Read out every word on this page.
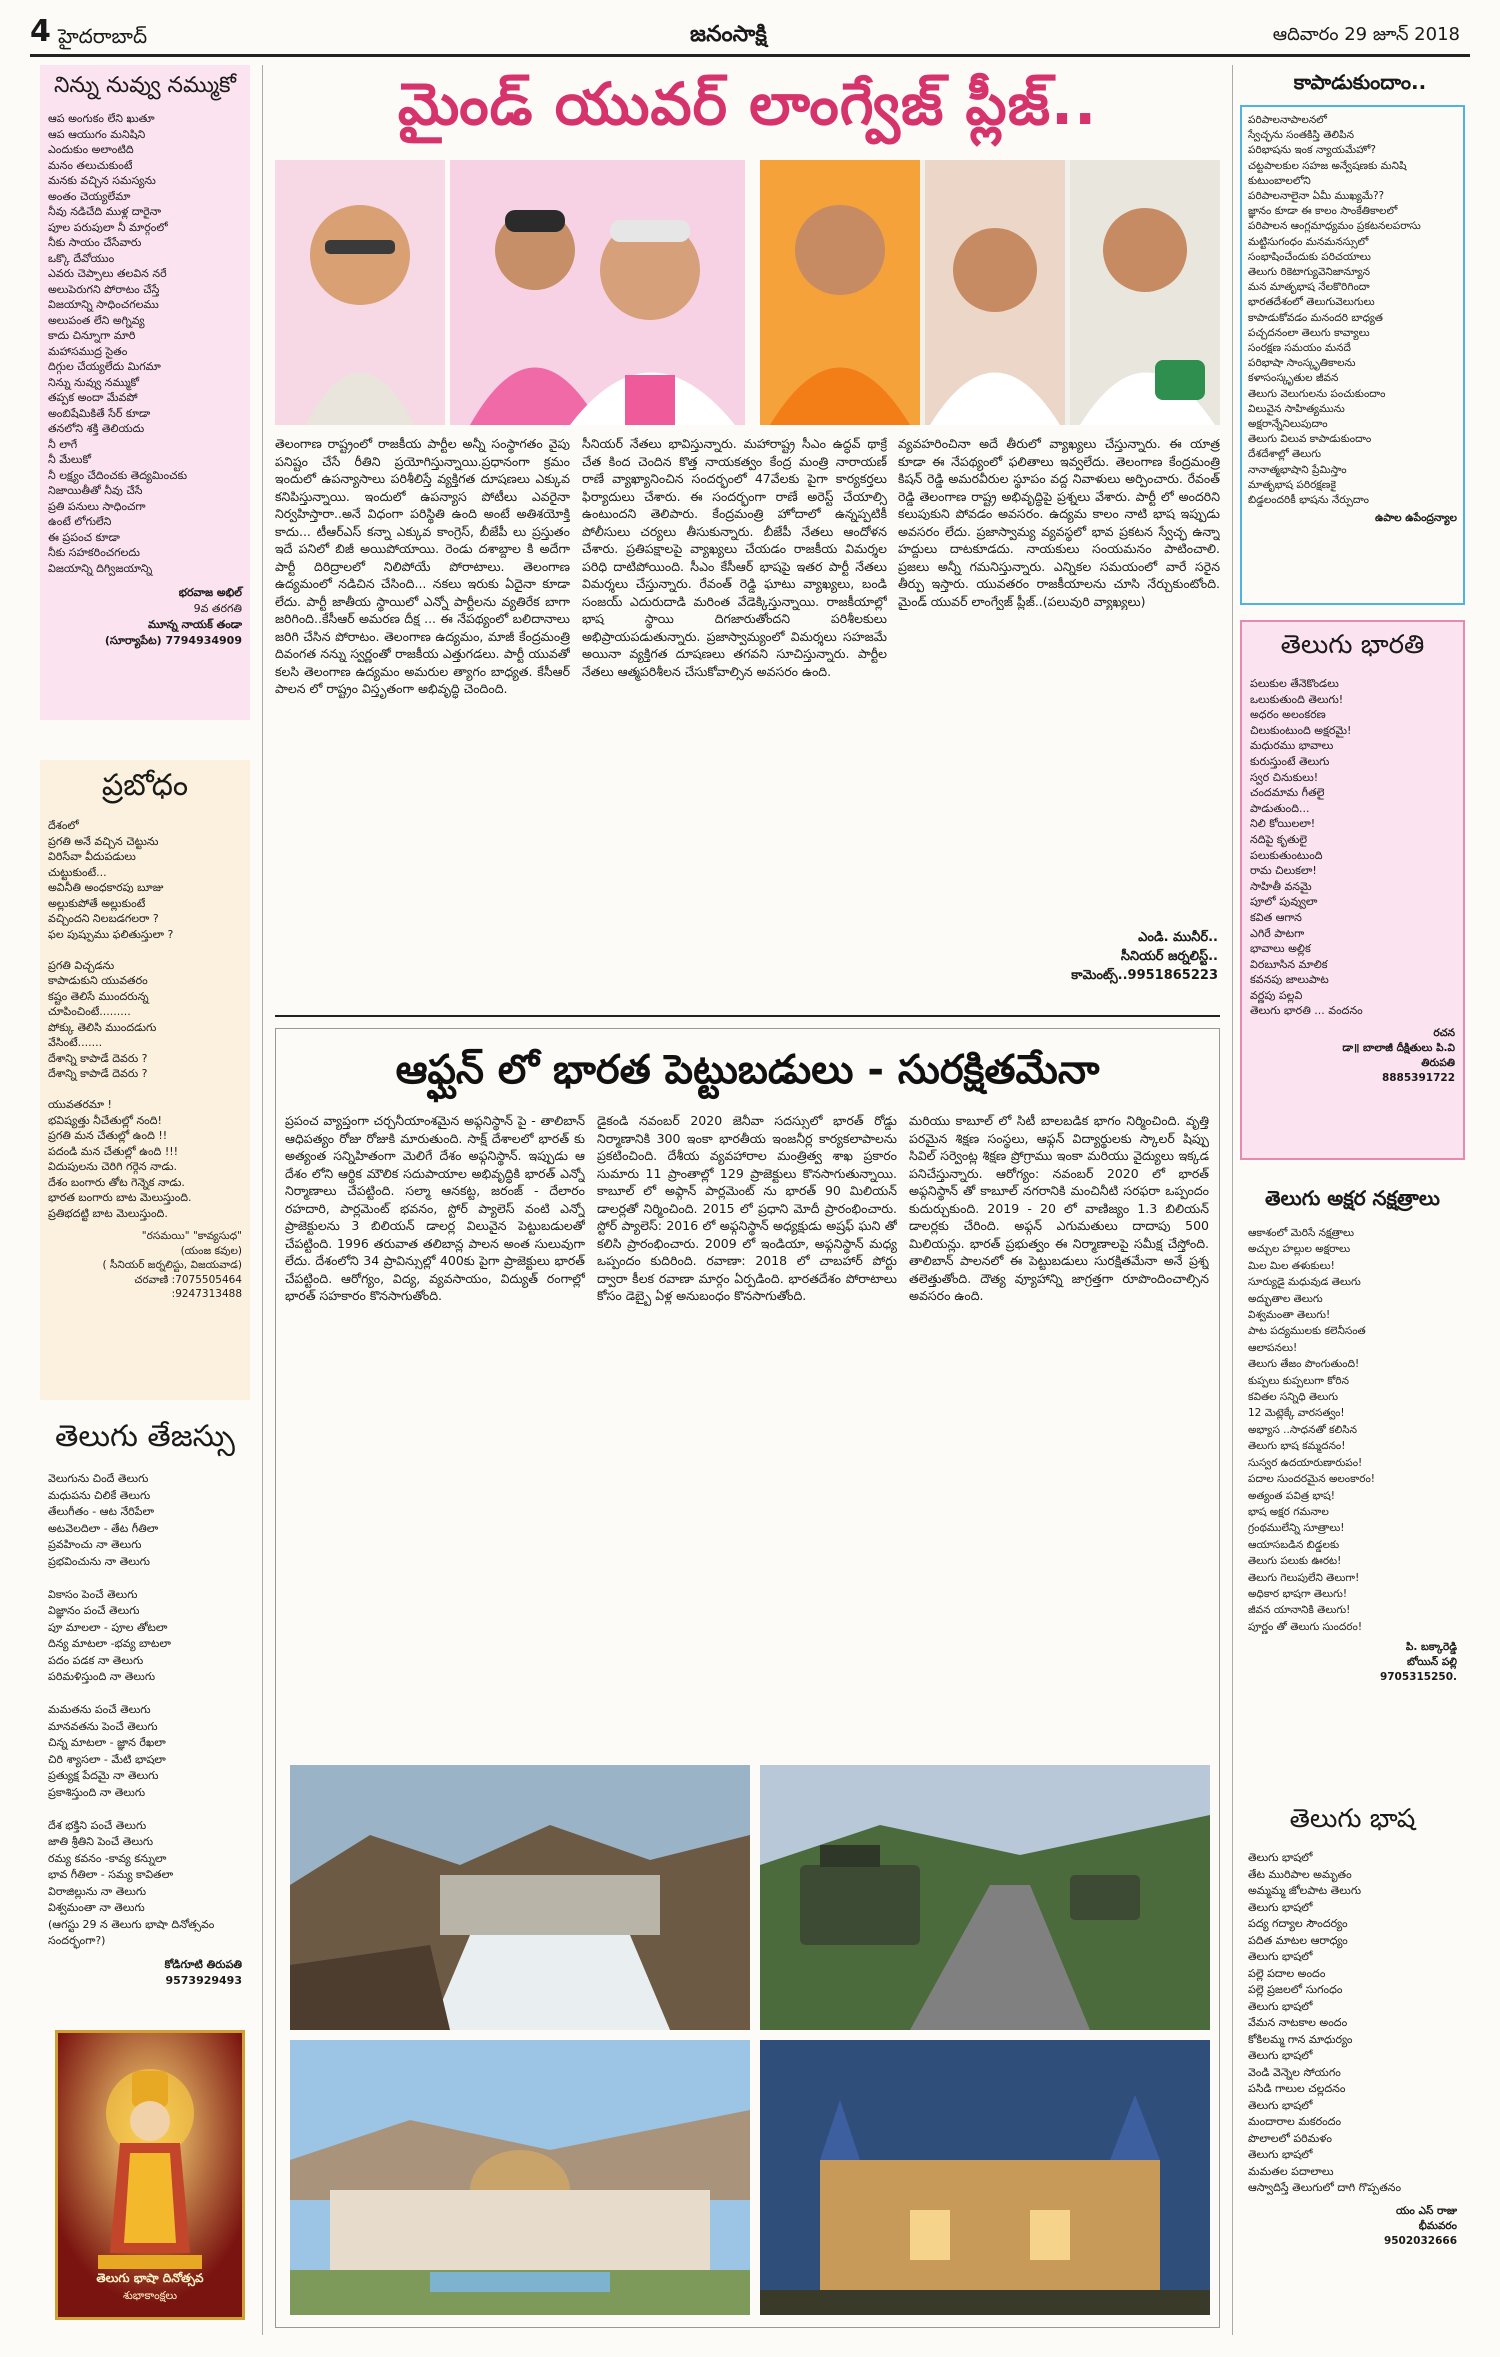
4 హైదరాబాద్	జనంసాక్షి	ఆదివారం 29 జూన్ 2018
నిన్ను నువ్వు నమ్ముకో
ఆప అంగుకం లేని ఖుతూ
ఆప ఆయుగం మనిషిని
ఎందుకుం అలాంటిది
మనం తలుచుకుంటే
మనకు వచ్చిన సమస్యను
అంతం చెయ్యలేమా
నీవు నడిచేది ముళ్ల దారైనా
పూల పరుపులా నీ మార్గంలో
నీకు సాయం చేసేవారు
ఒక్కొ దేవోయుం
ఎవరు చెప్పాలు తలవిన నరే
అలుపెరుగని పోరాటం చేస్తే
విజయాన్ని సాధించగలము
అలుపంత లేని అగ్నివ్య
కాదు చిన్నూగా మారి
మహాసముద్ర సైతం
దిగ్గుల చేయ్యలేదు మిగమా
నిన్ను నువ్వు నమ్ముకో
తప్పక అందా మేవపో
అంబిషేమికితే సేర్ కూడా
తనలోని శక్తి తెలియదు
నీ లాగే
నీ మేలుకో
నీ లక్ష్యం చేదించకు తెద్యమించకు
నిజాయితీతో నీవు చేసే
ప్రతి పనులు సాధించగా
ఉంటే లోగులేని
ఈ ప్రపంచ కూడా
నీకు సహకరించగలదు
విజయాన్ని దిగ్విజయాన్ని
భరవాజ అభిల్
9వ తరగతి
మూన్న నాయక్ తండా
(సూర్యాపేట) 7794934909
ప్రబోధం
దేశంలో
ప్రగతి అనే వచ్చిన చెట్టును
విరిసేవా వీదుపడులు
చుట్టుకుంటే...
అవినీతి అంధకారపు బూజు
అల్లుకుపోతే అల్లుకుంటే
వచ్చిందని నిలబడగలరా ?
ఫల పుష్పుము ఫలితుస్తులా ?

ప్రగతి విచ్చడను
కాపాడుకుని యువతరం
కష్టం తెలిసే ముందరున్న
చూపించింటే.........
పోక్కు తెలిసి ముందడుగు
వేసింటే.......
దేశాన్ని కాపాడే దెవరు ?
దేశాన్ని కాపాడే దెవరు ?

యువతరమా !
భవిష్యత్తు నీచేతుల్లో నంది!
ప్రగతి మన చేతుల్లో ఉంది !!
పదండి మన చేతుల్లో ఉంది !!!
విదుపులను చెరిగి గర్గెన నాడు.
దేశం బంగారు తోట గెన్నెక నాడు.
భారత బంగారు బాట మెలుస్తుంది.
ప్రతిభదట్టి బాట మెలుస్తుంది.
"రసమయి" "కావ్యసుధ"
(యంజ కవుల)
( సీనియర్ జర్నలిస్టు, విజయవాడ)
చరవాణి :7075505464
:9247313488
తెలుగు తేజస్సు
వెలుగును చిందే తెలుగు
మధుపను చిలికే తెలుగు
తేలుగీతం - ఆట నేరిపేలా
అటవెలదిలా - తేట గీతిలా
ప్రవహించు నా తెలుగు
ప్రభవించును నా తెలుగు

వికాసం పెంచే తెలుగు
విజ్ఞానం పంచే తెలుగు
పూ మాలలా - పూల తోటలా
దిన్య మాటలా -భవ్య బాటలా
పదం పడక నా తెలుగు
పరిమళిస్తుంది నా తెలుగు

మమతను పంచే తెలుగు
మానవతను పెంచే తెలుగు
చిన్న మాటలా - జ్ఞాన రేఖలా
చిరి శ్యాసలా - మేటి భాషలా
ప్రత్యుక్ష పేదమై నా తెలుగు
ప్రకాశిస్తుంది నా తెలుగు

దేశ భక్తిని పంచే తెలుగు
జాతి శ్రీతిని పెంచే తెలుగు
రమ్య కవనం -కావ్య కన్నులా
భావ గీతిలా - సమ్య కావితలా
విరాజిల్లును నా తెలుగు
విశ్వమంతా నా తెలుగు
(ఆగస్టు 29 న తెలుగు భాషా దినోత్సవం సందర్భంగా?)
కోడిగూటి తిరుపతి
9573929493
తెలుగు భాషా దినోత్సవ
శుభాకాంక్షలు
మైండ్ యువర్ లాంగ్వేజ్ ప్లీజ్..

తెలంగాణ రాష్ట్రంలో రాజకీయ పార్టీల అన్నీ సంస్థాగతం వైపు పనిష్టం చేసే రీతిని ప్రయోగిస్తున్నాయి.ప్రధానంగా క్రమం ఇందులో ఉపన్యాసాలు పరిశీలిస్తే వ్యక్తిగత దూషణలు ఎక్కువ కనిపిస్తున్నాయి. ఇందులో ఉపన్యాస పోటీలు ఎవరైనా నిర్వహిస్తారా..అనే విధంగా పరిస్థితి ఉంది అంటే అతిశయోక్తి కాదు... టీఆర్ఎస్ కన్నా ఎక్కువ కాంగ్రెస్, బీజేపీ లు ప్రస్తుతం ఇదే పనిలో బిజీ అయిపోయాయి. రెండు దశాబ్దాల కి అదేగా పార్టీ దిరిద్రాలలో నిలిపోయే పోరాటాలు. తెలంగాణ ఉద్యమంలో నడిచిన చేసింది... నకలు ఇరుకు ఏదైనా కూడా లేదు. పార్టీ జాతీయ స్థాయిలో ఎన్నో పార్టీలను వ్యతిరేక బాగా జరిగింది..కేసీఆర్ అమరణ దీక్ష ... ఈ నేపథ్యంలో బలిదానాలు జరిగి చేసిన పోరాటం. తెలంగాణ ఉద్యమం, మాజీ కేంద్రమంత్రి దివంగత నన్ను స్వర్ణంతో రాజకీయ ఎత్తుగడలు. పార్టీ యువతో కలసి తెలంగాణ ఉద్యమం అమరుల త్యాగం బాధ్యత. కేసీఆర్ పాలన లో రాష్ట్రం విస్తృతంగా అభివృద్ధి చెందింది.

సీనియర్ నేతలు భావిస్తున్నారు. మహారాష్ట్ర సీఎం ఉద్ధవ్ థాక్రే చేత కింద చెందిన కొత్త నాయకత్వం కేంద్ర మంత్రి నారాయణ్ రాణే వ్యాఖ్యానించిన సందర్భంలో 47వేలకు పైగా కార్యకర్తలు ఫిర్యాదులు చేశారు. ఈ సందర్భంగా రాణే అరెస్ట్ చేయాల్సి ఉంటుందని తెలిపారు. కేంద్రమంత్రి హోదాలో ఉన్నప్పటికీ పోలీసులు చర్యలు తీసుకున్నారు. బీజేపీ నేతలు ఆందోళన చేశారు. ప్రతిపక్షాలపై వ్యాఖ్యలు చేయడం రాజకీయ విమర్శల పరిధి దాటిపోయింది. సీఎం కేసీఆర్ భాషపై ఇతర పార్టీ నేతలు విమర్శలు చేస్తున్నారు. రేవంత్ రెడ్డి ఘాటు వ్యాఖ్యలు, బండి సంజయ్ ఎదురుదాడి మరింత వేడెక్కిస్తున్నాయి. రాజకీయాల్లో భాష స్థాయి దిగజారుతోందని పరిశీలకులు అభిప్రాయపడుతున్నారు. ప్రజాస్వామ్యంలో విమర్శలు సహజమే అయినా వ్యక్తిగత దూషణలు తగవని సూచిస్తున్నారు. పార్టీల నేతలు ఆత్మపరిశీలన చేసుకోవాల్సిన అవసరం ఉంది.

వ్యవహరించినా అదే తీరులో వ్యాఖ్యలు చేస్తున్నారు. ఈ యాత్ర కూడా ఈ నేపథ్యంలో ఫలితాలు ఇవ్వలేదు. తెలంగాణ కేంద్రమంత్రి కిషన్ రెడ్డి అమరవీరుల స్థూపం వద్ద నివాళులు అర్పించారు. రేవంత్ రెడ్డి తెలంగాణ రాష్ట్ర అభివృద్ధిపై ప్రశ్నలు వేశారు. పార్టీ లో అందరిని కలుపుకుని పోవడం అవసరం. ఉద్యమ కాలం నాటి భాష ఇప్పుడు అవసరం లేదు. ప్రజాస్వామ్య వ్యవస్థలో భావ ప్రకటన స్వేచ్ఛ ఉన్నా హద్దులు దాటకూడదు. నాయకులు సంయమనం పాటించాలి. ప్రజలు అన్నీ గమనిస్తున్నారు. ఎన్నికల సమయంలో వారే సరైన తీర్పు ఇస్తారు. యువతరం రాజకీయాలను చూసి నేర్చుకుంటోంది. మైండ్ యువర్ లాంగ్వేజ్ ప్లీజ్..(పలువురి వ్యాఖ్యలు)

ఎండి. మునీర్..
సీనియర్ జర్నలిస్ట్..
కామెంట్స్..9951865223
ఆఫ్ఘన్ లో భారత పెట్టుబడులు - సురక్షితమేనా

ప్రపంచ వ్యాప్తంగా చర్చనీయాంశమైన అఫ్గనిస్థాన్ పై - తాలిబాన్ ఆధిపత్యం రోజు రోజుకి మారుతుంది. సాక్ష్ దేశాలలో భారత్ కు అత్యంత సన్నిహితంగా మెలిగే దేశం అఫ్గనిస్థాన్. ఇప్పుడు ఆ దేశం లోని ఆర్థిక మౌలిక సదుపాయాల అభివృద్ధికి భారత్ ఎన్నో నిర్మాణాలు చేపట్టింది. సల్మా ఆనకట్ట, జరంజ్ - దేలారం రహదారి, పార్లమెంట్ భవనం, స్టోర్ ప్యాలెస్ వంటి ఎన్నో ప్రాజెక్టులను 3 బిలియన్ డాలర్ల విలువైన పెట్టుబడులతో చేపట్టింది. 1996 తరువాత తలిబాన్ల పాలన అంత సులువుగా లేదు. దేశంలోని 34 ప్రావిన్సుల్లో 400కు పైగా ప్రాజెక్టులు భారత్ చేపట్టింది. ఆరోగ్యం, విద్య, వ్యవసాయం, విద్యుత్ రంగాల్లో భారత్ సహకారం కొనసాగుతోంది.

డైకండి నవంబర్ 2020 జెనీవా సదస్సులో భారత్ రోడ్డు నిర్మాణానికి 300 ఇంకా భారతీయ ఇంజనీర్ల కార్యకలాపాలను ప్రకటించింది. దేశీయ వ్యవహారాల మంత్రిత్వ శాఖ ప్రకారం సుమారు 11 ప్రాంతాల్లో 129 ప్రాజెక్టులు కొనసాగుతున్నాయి. కాబూల్ లో అఫ్గాన్ పార్లమెంట్ ను భారత్ 90 మిలియన్ డాలర్లతో నిర్మించింది. 2015 లో ప్రధాని మోదీ ప్రారంభించారు. స్టోర్ ప్యాలెస్: 2016 లో అఫ్గనిస్థాన్ అధ్యక్షుడు అష్రఫ్ ఘని తో కలిసి ప్రారంభించారు. 2009 లో ఇండియా, అఫ్గనిస్థాన్ మధ్య ఒప్పందం కుదిరింది. రవాణా: 2018 లో చాబహార్ పోర్టు ద్వారా కీలక రవాణా మార్గం ఏర్పడింది. భారతదేశం పోరాటాలు కోసం డెబ్బై ఏళ్ల అనుబంధం కొనసాగుతోంది.

మరియు కాబూల్ లో సిటీ బాలబడిక భాగం నిర్మించింది. వృత్తి పరమైన శిక్షణ సంస్థలు, ఆఫ్గన్ విద్యార్థులకు స్కాలర్ షిప్పు సివిల్ సర్వెంట్ల శిక్షణ ప్రోగ్రాము ఇంకా మరియు వైద్యులు ఇక్కడ పనిచేస్తున్నారు. ఆరోగ్యం: నవంబర్ 2020 లో భారత్ అఫ్గనిస్థాన్ తో కాబూల్ నగరానికి మంచినీటి సరఫరా ఒప్పందం కుదుర్చుకుంది. 2019 - 20 లో వాణిజ్యం 1.3 బిలియన్ డాలర్లకు చేరింది. అఫ్గన్ ఎగుమతులు దాదాపు 500 మిలియన్లు. భారత్ ప్రభుత్వం ఈ నిర్మాణాలపై సమీక్ష చేస్తోంది. తాలిబాన్ పాలనలో ఈ పెట్టుబడులు సురక్షితమేనా అనే ప్రశ్న తలెత్తుతోంది. దౌత్య వ్యూహాన్ని జాగ్రత్తగా రూపొందించాల్సిన అవసరం ఉంది.

పరిపాలనాపాలనలో
స్వేచ్ఛను సంతకిస్తి తెలిపిన
పరిభాషను ఇంక న్యాయమేహో?
చట్టపాలకుల సహజ అన్వేషణకు మనిషి
కుటుంబాలలోని
పరిపాలనాలైనా ఏమీ ముఖ్యమే??
జ్ఞానం కూడా ఈ కాలం సాంకేతికాలలో
పరిపాలన ఆంగ్లమాధ్యమం ప్రకటనలపరాసు
మట్టిసుగంధం మనమనస్సులో
సంభాషించేందుకు పరిచయాలు
తెలుగు రికెటాగ్యువెనిజాన్యూన
మన మాతృభాష నేలకొరిగిందా
భారతదేశంలో తెలుగువెలుగులు
కాపాడుకోవడం మనందరి బాధ్యత
పచ్చదనంలా తెలుగు కావ్యాలు
సంరక్షణ సమయం మనదే
పరిభాషా సాంస్కృతికాలను
కళాసంస్కృతుల జీవన
తెలుగు వెలుగులను పంచుకుందాం
విలువైన సాహిత్యమును
అక్షరాన్నేనిలుపుదాం
తెలుగు విలువ కాపాడుకుందాం
దేశదేశాల్లో తెలుగు
నానాత్మభాషాని ప్రేమిస్తాం
మాతృభాష పరిరక్షణకై
బిడ్డలందరికీ భాషను నేర్పుదాం
ఉపాల ఉపేంద్రన్యాల
కాపాడుకుందాం..
తెలుగు భారతి
పలుకుల తేనెకొండలు
ఒలుకుతుంది తెలుగు!
అధరం అలంకరణ
చిలుకుంటుంది అక్షరమై!
మధురము భావాలు
కురుస్తుంటే తెలుగు
స్వర చినుకులు!
చందమామ గీతలై
పాడుతుంది...
నిలి కోయిలలా!
నదిపై కృతులై
పలుకుతుంటుంది
రామ చిలుకలా!
సాహితీ వనమై
పూలో పువ్వులా
కవిత ఆగాన
ఎగిరే పాటగా
భావాలు అల్లిక
విరబూసిన మాలిక
కవనపు జాలుపాట
వర్ణపు పల్లవి
తెలుగు భారతి ... వందనం
రచన
డా॥ బాలాజీ దీక్షితులు పి.వి
తిరుపతి
8885391722
తెలుగు అక్షర నక్షత్రాలు
ఆకాశంలో మెరిసే నక్షత్రాలు
అచ్చుల హల్లుల అక్షరాలు
మిల మిల తళుకులు!
సూర్యుడై మధువుడ తెలుగు
అద్భుతాల తెలుగు
విశ్వమంతా తెలుగు!
పాట పద్యములకు కలెనీసంత
ఆలాపనలు!
తెలుగు తేజం పొంగుతుంది!
కుప్పలు కుప్పలుగా కోరిన
కవితల సన్నిధి తెలుగు
12 మెట్లెక్కే వారసత్వం!
అభ్యాస ..సాధనతో కలిసిన
తెలుగు భాష కమ్మదనం!
సుస్వర ఉదయారుణారుపం!
పదాల సుందరమైన అలంకారం!
అత్యంత పవిత్ర భాష!
భాష అక్షర గమనాల
గ్రంథములేన్ని సూత్రాలు!
ఆయాసబడిన బిడ్డలకు
తెలుగు పలుకు ఊరట!
తెలుగు గెలుపులేని తెలుగా!
అధికార భాషగా తెలుగు!
జీవన యానానికి తెలుగు!
పూర్ణం తో తెలుగు సుందరం!
పి. బక్కారెడ్డి
బోయిన్ పల్లి
9705315250.
తెలుగు భాష
తెలుగు భాషలో
తేట మురిపాల అమృతం
అమ్మమ్మ జోలపాట తెలుగు
తెలుగు భాషలో
పద్య గద్యాల సౌందర్యం
పదిత మాటల ఆరాధ్యం
తెలుగు భాషలో
పల్లె పదాల అందం
పల్లె ప్రజలలో సుగంధం
తెలుగు భాషలో
వేమన నాటకాల అందం
కోకిలమ్మ గాన మాధుర్యం
తెలుగు భాషలో
వెండి వెన్నెల సోయగం
పసిడి గాలుల చల్లదనం
తెలుగు భాషలో
మందారాల మకరందం
పొలాలలో పరిమళం
తెలుగు భాషలో
మమతల పదాలాలు
ఆస్వాదిస్తే తెలుగులో దాగి గొప్పతనం
యం ఎస్ రాజు
భీమవరం
9502032666
